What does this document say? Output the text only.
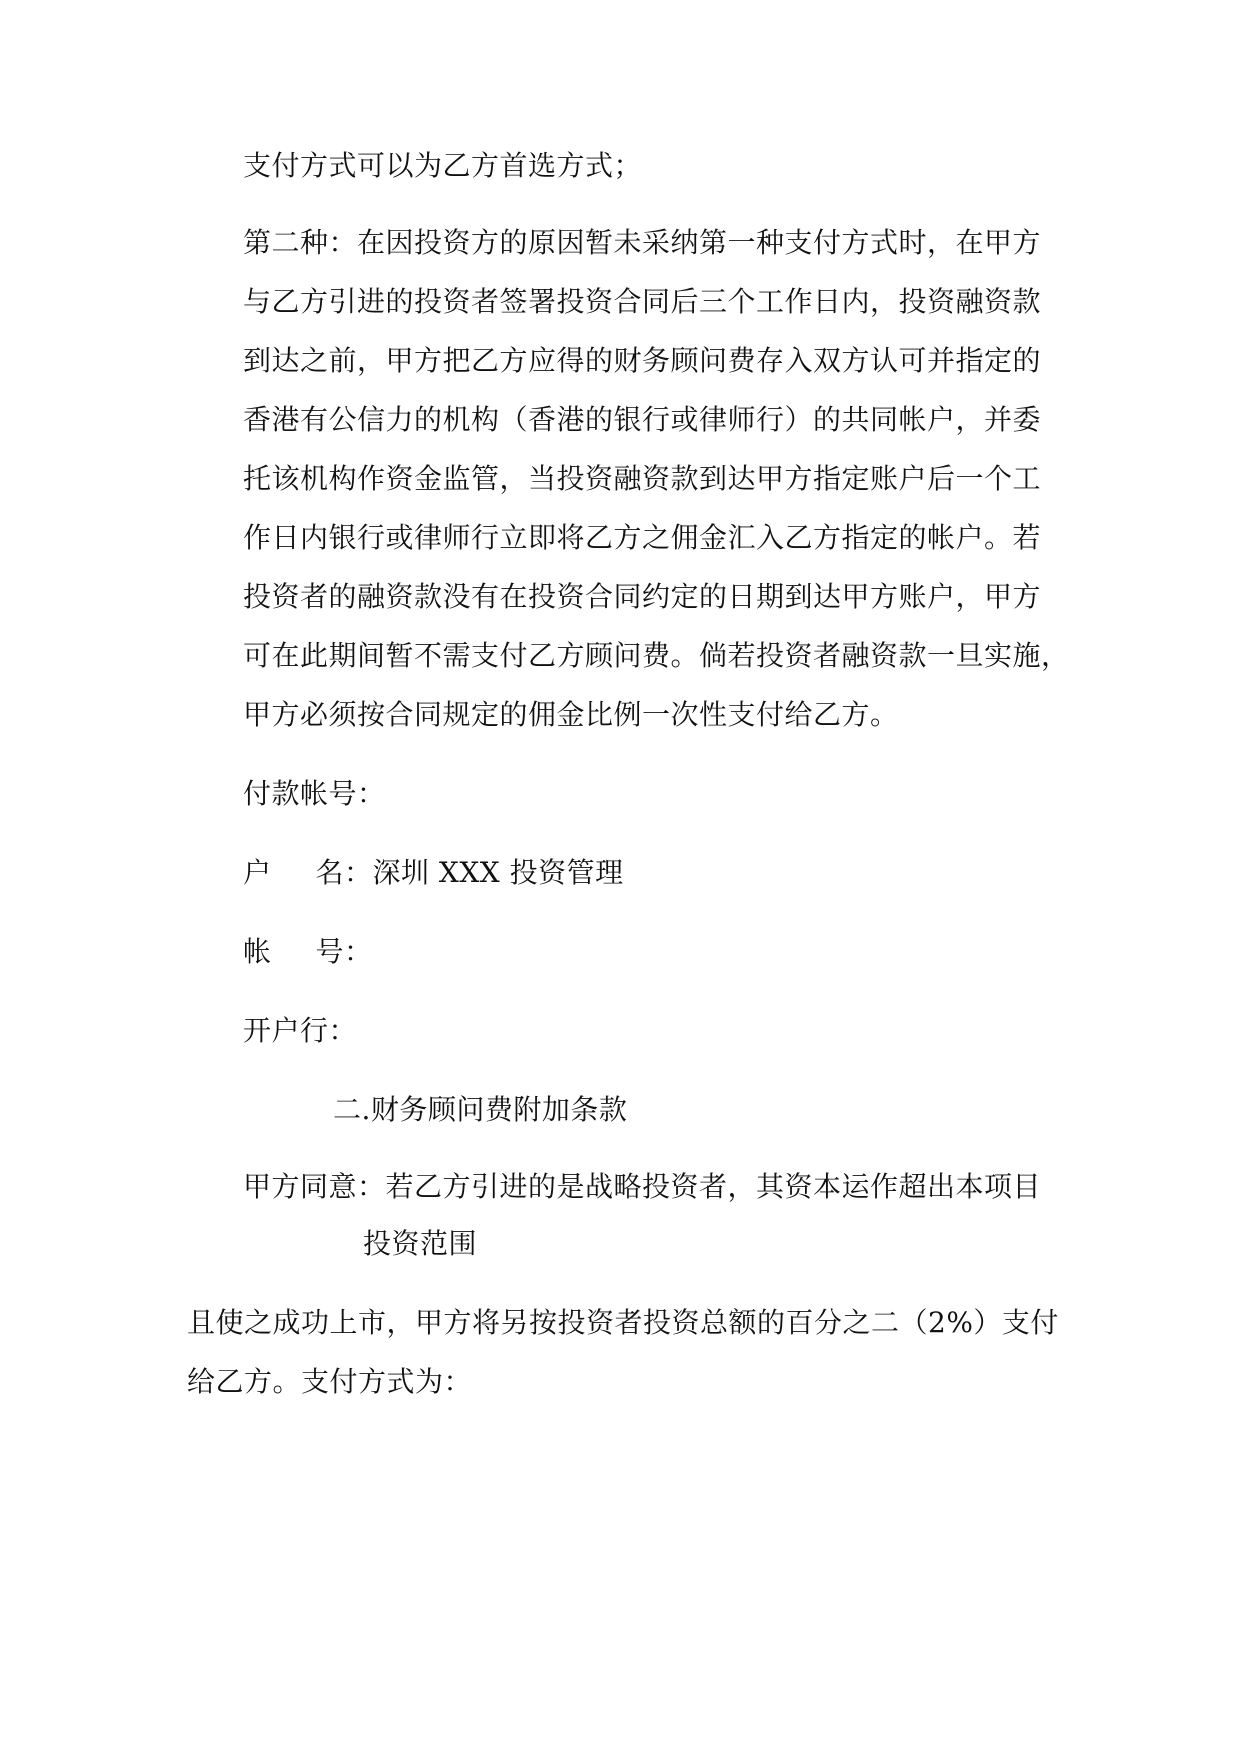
支付方式可以为乙方首选方式；
第二种：在因投资方的原因暂未采纳第一种支付方式时，在甲方
与乙方引进的投资者签署投资合同后三个工作日内，投资融资款
到达之前，甲方把乙方应得的财务顾问费存入双方认可并指定的
香港有公信力的机构（香港的银行或律师行）的共同帐户，并委
托该机构作资金监管，当投资融资款到达甲方指定账户后一个工
作日内银行或律师行立即将乙方之佣金汇入乙方指定的帐户。若
投资者的融资款没有在投资合同约定的日期到达甲方账户，甲方
可在此期间暂不需支付乙方顾问费。倘若投资者融资款一旦实施，
甲方必须按合同规定的佣金比例一次性支付给乙方。
付款帐号：
户 名：深圳 XXX 投资管理
帐 号：
开户行：
二.财务顾问费附加条款
甲方同意：若乙方引进的是战略投资者，其资本运作超出本项目
投资范围
且使之成功上市，甲方将另按投资者投资总额的百分之二（2%）支付
给乙方。支付方式为：
